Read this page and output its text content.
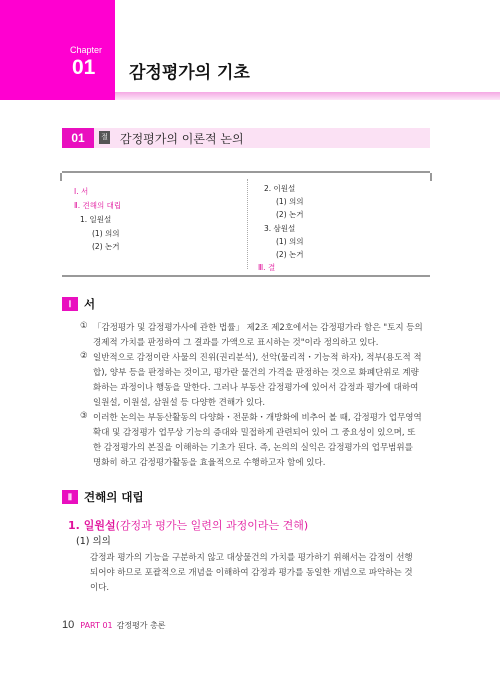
Chapter
01 감정평가의 기초
01	절 감정평가의 이론적 논의
Ⅰ. 서
Ⅱ. 견해의 대립
1. 일원설
(1) 의의
(2) 논거
2. 이원설
(1) 의의
(2) 논거
3. 삼원설
(1) 의의
(2) 논거
Ⅲ. 결
Ⅰ 서
① 「감정평가 및 감정평가사에 관한 법률」 제2조 제2호에서는 감정평가라 함은 "토지 등의
경제적 가치를 판정하여 그 결과를 가액으로 표시하는 것"이라 정의하고 있다.
② 일반적으로 감정이란 사물의 진위(권리분석), 선악(물리적・기능적 하자), 적부(용도적 적
합), 양부 등을 판정하는 것이고, 평가란 물건의 가격을 판정하는 것으로 화폐단위로 계량
화하는 과정이나 행동을 말한다. 그러나 부동산 감정평가에 있어서 감정과 평가에 대하여
일원설, 이원설, 삼원설 등 다양한 견해가 있다.
③ 이러한 논의는 부동산활동의 다양화・전문화・개방화에 비추어 볼 때, 감정평가 업무영역
확대 및 감정평가 업무상 기능의 증대와 밀접하게 관련되어 있어 그 중요성이 있으며, 또
한 감정평가의 본질을 이해하는 기초가 된다. 즉, 논의의 실익은 감정평가의 업무범위를
명화히 하고 감정평가활동을 효율적으로 수행하고자 함에 있다.
Ⅱ 견해의 대립
1. 일원설(감정과 평가는 일련의 과정이라는 견해)
(1) 의의
감정과 평가의 기능을 구분하지 않고 대상물건의 가치를 평가하기 위해서는 감정이 선행
되어야 하므로 포괄적으로 개념을 이해하여 감정과 평가를 동일한 개념으로 파악하는 것
이다.
10 PART 01 감정평가 총론
